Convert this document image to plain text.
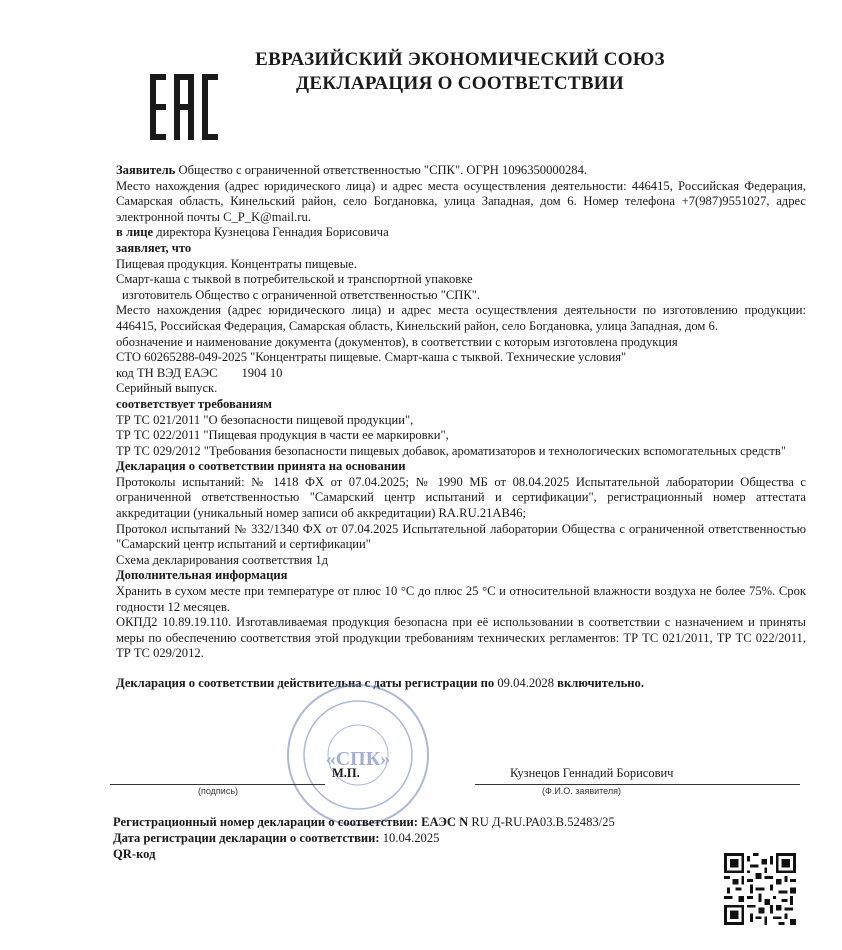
ЕВРАЗИЙСКИЙ ЭКОНОМИЧЕСКИЙ СОЮЗ
ДЕКЛАРАЦИЯ О СООТВЕТСТВИИ

Заявитель Общество с ограниченной ответственностью "СПК". ОГРН 1096350000284.

Место нахождения (адрес юридического лица) и адрес места осуществления деятельности: 446415, Российская Федерация, Самарская область, Кинельский район, село Богдановка, улица Западная, дом 6. Номер телефона +7(987)9551027, адрес электронной почты C_P_K@mail.ru.

в лице директора Кузнецова Геннадия Борисовича

заявляет, что

Пищевая продукция. Концентраты пищевые.

Смарт-каша с тыквой в потребительской и транспортной упаковке

изготовитель Общество с ограниченной ответственностью "СПК".

Место нахождения (адрес юридического лица) и адрес места осуществления деятельности по изготовлению продукции: 446415, Российская Федерация, Самарская область, Кинельский район, село Богдановка, улица Западная, дом 6.

обозначение и наименование документа (документов), в соответствии с которым изготовлена продукция

СТО 60265288-049-2025 "Концентраты пищевые. Смарт-каша с тыквой. Технические условия"

код ТН ВЭД ЕАЭС 1904 10

Серийный выпуск.

соответствует требованиям

ТР ТС 021/2011 "О безопасности пищевой продукции",

ТР ТС 022/2011 "Пищевая продукция в части ее маркировки",

ТР ТС 029/2012 "Требования безопасности пищевых добавок, ароматизаторов и технологических вспомогательных средств"

Декларация о соответствии принята на основании

Протоколы испытаний: № 1418 ФХ от 07.04.2025; № 1990 МБ от 08.04.2025 Испытательной лаборатории Общества с ограниченной ответственностью "Самарский центр испытаний и сертификации", регистрационный номер аттестата аккредитации (уникальный номер записи об аккредитации) RA.RU.21АВ46;

Протокол испытаний № 332/1340 ФХ от 07.04.2025 Испытательной лаборатории Общества с ограниченной ответственностью "Самарский центр испытаний и сертификации"

Схема декларирования соответствия 1д

Дополнительная информация

Хранить в сухом месте при температуре от плюс 10 °С до плюс 25 °С и относительной влажности воздуха не более 75%. Срок годности 12 месяцев.

ОКПД2 10.89.19.110. Изготавливаемая продукция безопасна при её использовании в соответствии с назначением и приняты меры по обеспечению соответствия этой продукции требованиям технических регламентов: ТР ТС 021/2011, ТР ТС 022/2011, ТР ТС 029/2012.

Декларация о соответствии действительна с даты регистрации по 09.04.2028 включительно.

«СПК»
(подпись)
М.П.	Кузнецов Геннадий Борисович
(Ф.И.О. заявителя)

Регистрационный номер декларации о соответствии: ЕАЭС N RU Д-RU.РА03.В.52483/25

Дата регистрации декларации о соответствии: 10.04.2025

QR-код
